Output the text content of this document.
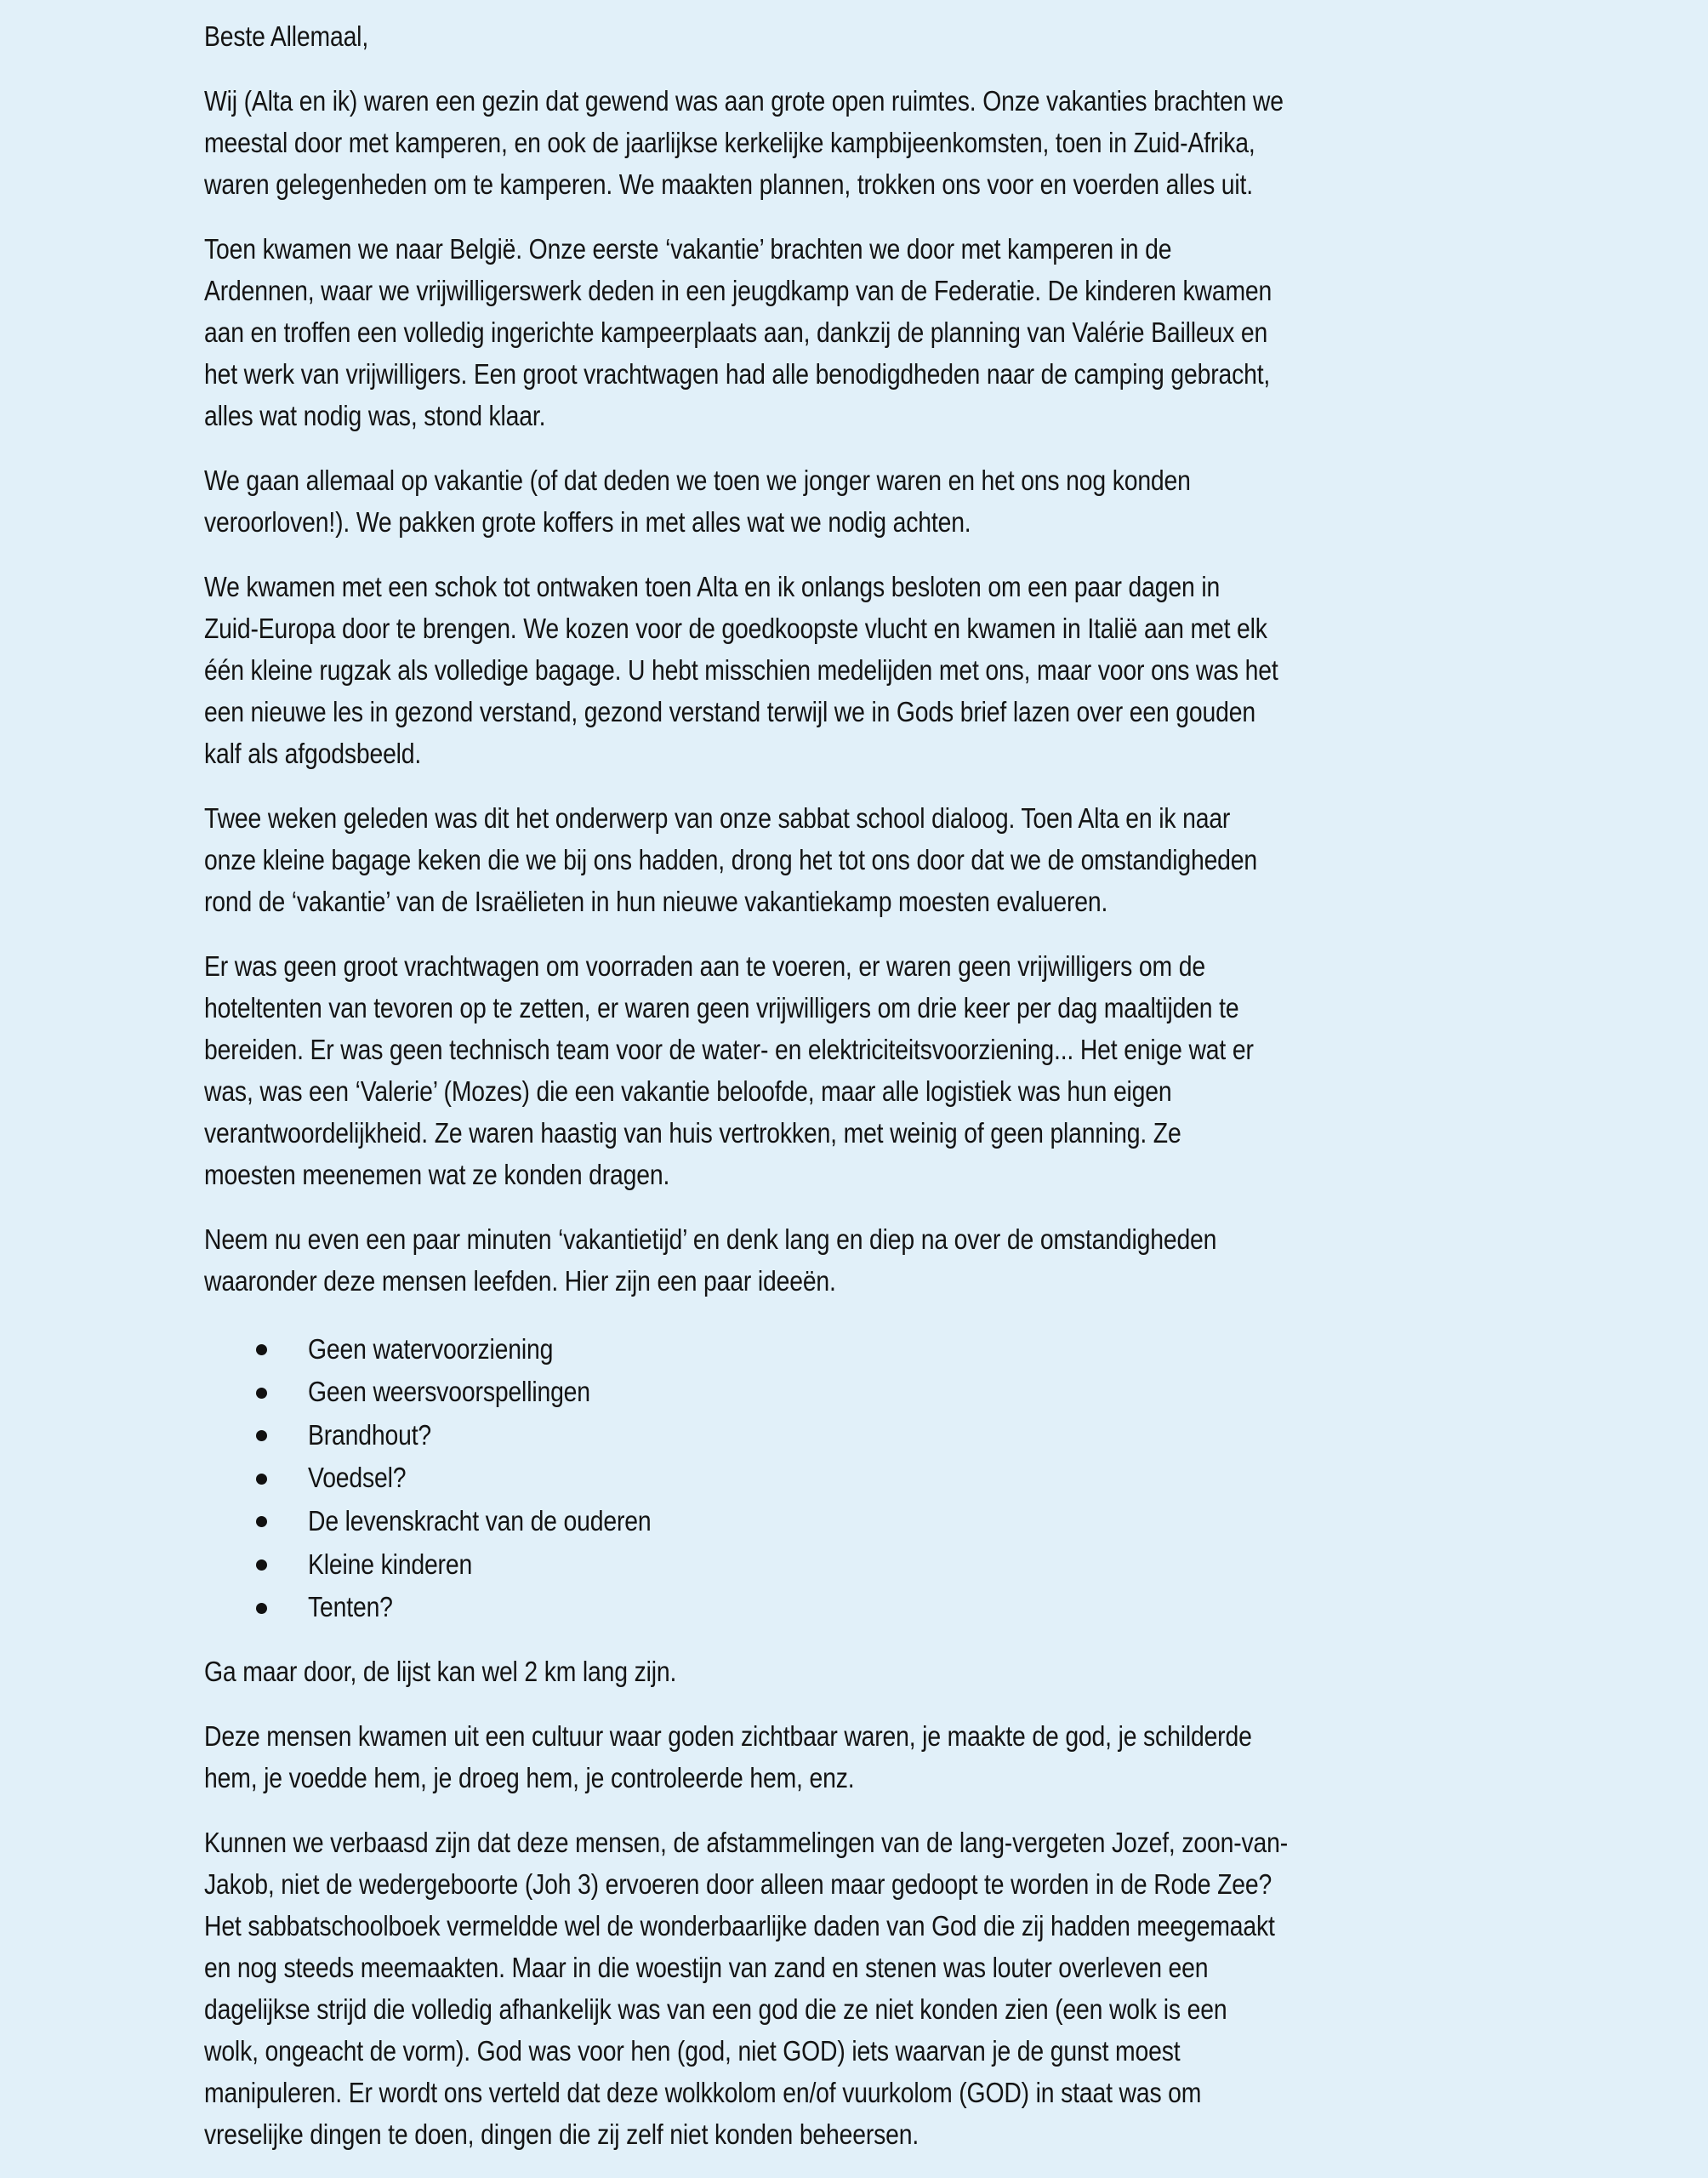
Beste Allemaal,
Wij (Alta en ik) waren een gezin dat gewend was aan grote open ruimtes. Onze vakanties brachten we
meestal door met kamperen, en ook de jaarlijkse kerkelijke kampbijeenkomsten, toen in Zuid-Afrika,
waren gelegenheden om te kamperen. We maakten plannen, trokken ons voor en voerden alles uit.
Toen kwamen we naar België. Onze eerste ‘vakantie’ brachten we door met kamperen in de
Ardennen, waar we vrijwilligerswerk deden in een jeugdkamp van de Federatie. De kinderen kwamen
aan en troffen een volledig ingerichte kampeerplaats aan, dankzij de planning van Valérie Bailleux en
het werk van vrijwilligers. Een groot vrachtwagen had alle benodigdheden naar de camping gebracht,
alles wat nodig was, stond klaar.
We gaan allemaal op vakantie (of dat deden we toen we jonger waren en het ons nog konden
veroorloven!). We pakken grote koffers in met alles wat we nodig achten.
We kwamen met een schok tot ontwaken toen Alta en ik onlangs besloten om een paar dagen in
Zuid-Europa door te brengen. We kozen voor de goedkoopste vlucht en kwamen in Italië aan met elk
één kleine rugzak als volledige bagage. U hebt misschien medelijden met ons, maar voor ons was het
een nieuwe les in gezond verstand, gezond verstand terwijl we in Gods brief lazen over een gouden
kalf als afgodsbeeld.
Twee weken geleden was dit het onderwerp van onze sabbat school dialoog. Toen Alta en ik naar
onze kleine bagage keken die we bij ons hadden, drong het tot ons door dat we de omstandigheden
rond de ‘vakantie’ van de Israëlieten in hun nieuwe vakantiekamp moesten evalueren.
Er was geen groot vrachtwagen om voorraden aan te voeren, er waren geen vrijwilligers om de
hoteltenten van tevoren op te zetten, er waren geen vrijwilligers om drie keer per dag maaltijden te
bereiden. Er was geen technisch team voor de water- en elektriciteitsvoorziening... Het enige wat er
was, was een ‘Valerie’ (Mozes) die een vakantie beloofde, maar alle logistiek was hun eigen
verantwoordelijkheid. Ze waren haastig van huis vertrokken, met weinig of geen planning. Ze
moesten meenemen wat ze konden dragen.
Neem nu even een paar minuten ‘vakantietijd’ en denk lang en diep na over de omstandigheden
waaronder deze mensen leefden. Hier zijn een paar ideeën.
Geen watervoorziening
Geen weersvoorspellingen
Brandhout?
Voedsel?
De levenskracht van de ouderen
Kleine kinderen
Tenten?
Ga maar door, de lijst kan wel 2 km lang zijn.
Deze mensen kwamen uit een cultuur waar goden zichtbaar waren, je maakte de god, je schilderde
hem, je voedde hem, je droeg hem, je controleerde hem, enz.
Kunnen we verbaasd zijn dat deze mensen, de afstammelingen van de lang-vergeten Jozef, zoon-van-
Jakob, niet de wedergeboorte (Joh 3) ervoeren door alleen maar gedoopt te worden in de Rode Zee?
Het sabbatschoolboek vermeldde wel de wonderbaarlijke daden van God die zij hadden meegemaakt
en nog steeds meemaakten. Maar in die woestijn van zand en stenen was louter overleven een
dagelijkse strijd die volledig afhankelijk was van een god die ze niet konden zien (een wolk is een
wolk, ongeacht de vorm). God was voor hen (god, niet GOD) iets waarvan je de gunst moest
manipuleren. Er wordt ons verteld dat deze wolkkolom en/of vuurkolom (GOD) in staat was om
vreselijke dingen te doen, dingen die zij zelf niet konden beheersen.
